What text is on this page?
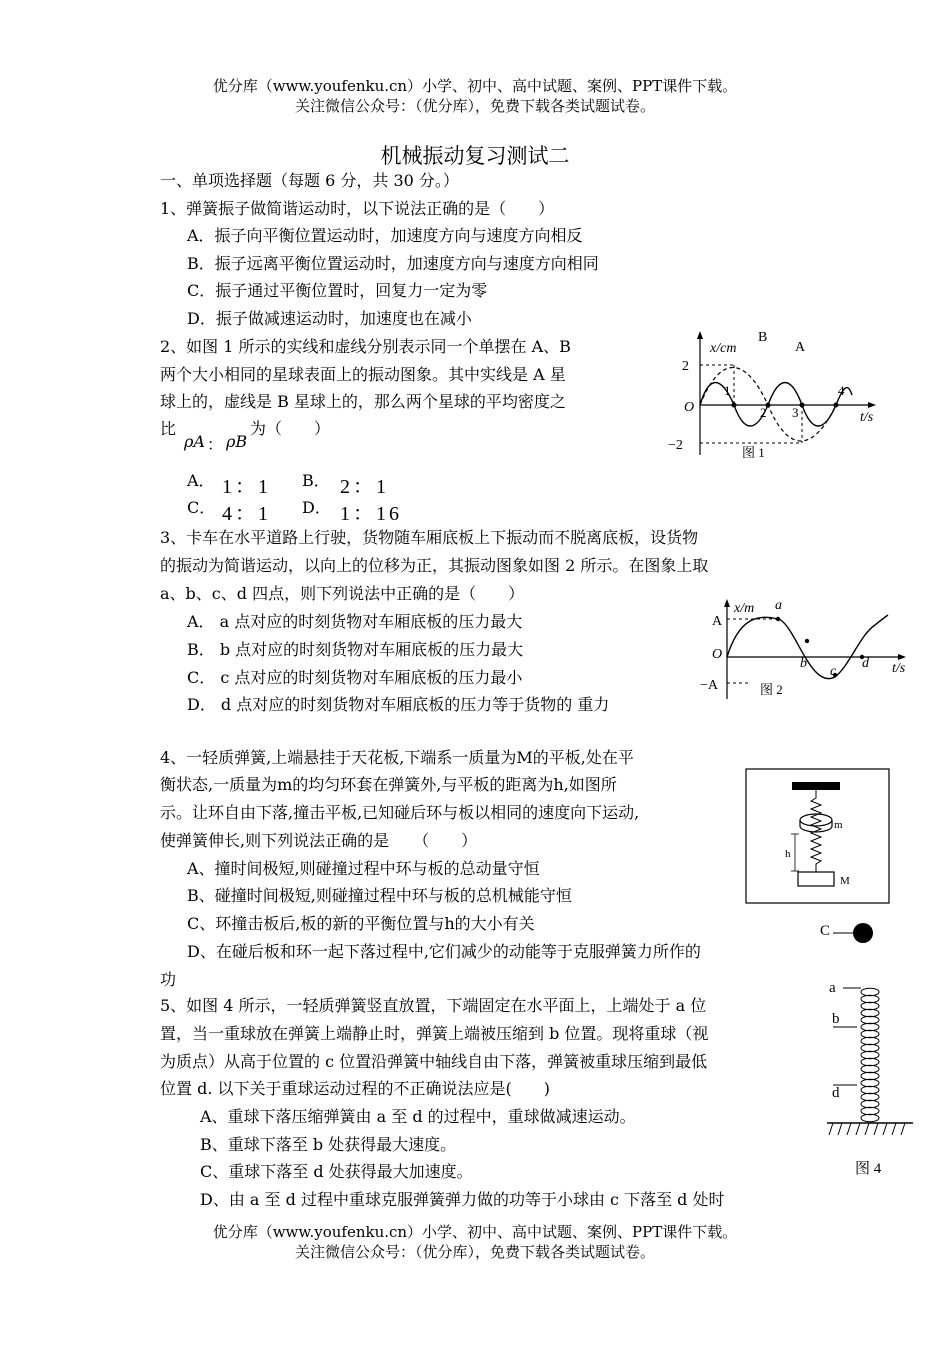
优分库（www.youfenku.cn）小学、初中、高中试题、案例、PPT课件下载。
关注微信公众号：（优分库），免费下载各类试题试卷。
机械振动复习测试二
一、单项选择题（每题 6 分，共 30 分。）
1、弹簧振子做简谐运动时，以下说法正确的是（　　）
A．振子向平衡位置运动时，加速度方向与速度方向相反
B．振子远离平衡位置运动时，加速度方向与速度方向相同
C．振子通过平衡位置时，回复力一定为零
D．振子做减速运动时，加速度也在减小
2、如图 1 所示的实线和虚线分别表示同一个单摆在 A、B
两个大小相同的星球表面上的振动图象。其中实线是 A 星
球上的，虚线是 B 星球上的，那么两个星球的平均密度之
比
ρA ： ρB
为（　　）
A． 1：1 B． 2：1
C． 4：1 D． 1：16
x/cm
B
A
2
O
−2
t/s
1
2 3
4
图 1
3、卡车在水平道路上行驶，货物随车厢底板上下振动而不脱离底板，设货物
的振动为简谐运动，以向上的位移为正，其振动图象如图 2 所示。在图象上取
a、b、c、d 四点，则下列说法中正确的是（　　）
A． a 点对应的时刻货物对车厢底板的压力最大
B． b 点对应的时刻货物对车厢底板的压力最大
C． c 点对应的时刻货物对车厢底板的压力最小
D． d 点对应的时刻货物对车厢底板的压力等于货物的 重力
x/m
A
O
−A
t/s
a
b
c
d
图 2
4、一轻质弹簧,上端悬挂于天花板,下端系一质量为M的平板,处在平
衡状态,一质量为m的均匀环套在弹簧外,与平板的距离为h,如图所
示。让环自由下落,撞击平板,已知碰后环与板以相同的速度向下运动,
使弹簧伸长,则下列说法正确的是　　（　　）
A、撞时间极短,则碰撞过程中环与板的总动量守恒
B、碰撞时间极短,则碰撞过程中环与板的总机械能守恒
C、环撞击板后,板的新的平衡位置与h的大小有关
D、在碰后板和环一起下落过程中,它们减少的动能等于克服弹簧力所作的
功
m
h
M
C
a
b
d
图 4
5、如图 4 所示，一轻质弹簧竖直放置，下端固定在水平面上，上端处于 a 位
置，当一重球放在弹簧上端静止时，弹簧上端被压缩到 b 位置。现将重球（视
为质点）从高于位置的 c 位置沿弹簧中轴线自由下落，弹簧被重球压缩到最低
位置 d. 以下关于重球运动过程的不正确说法应是(　　)
A、重球下落压缩弹簧由 a 至 d 的过程中，重球做减速运动。
B、重球下落至 b 处获得最大速度。
C、重球下落至 d 处获得最大加速度。
D、由 a 至 d 过程中重球克服弹簧弹力做的功等于小球由 c 下落至 d 处时
优分库（www.youfenku.cn）小学、初中、高中试题、案例、PPT课件下载。
关注微信公众号：（优分库），免费下载各类试题试卷。
